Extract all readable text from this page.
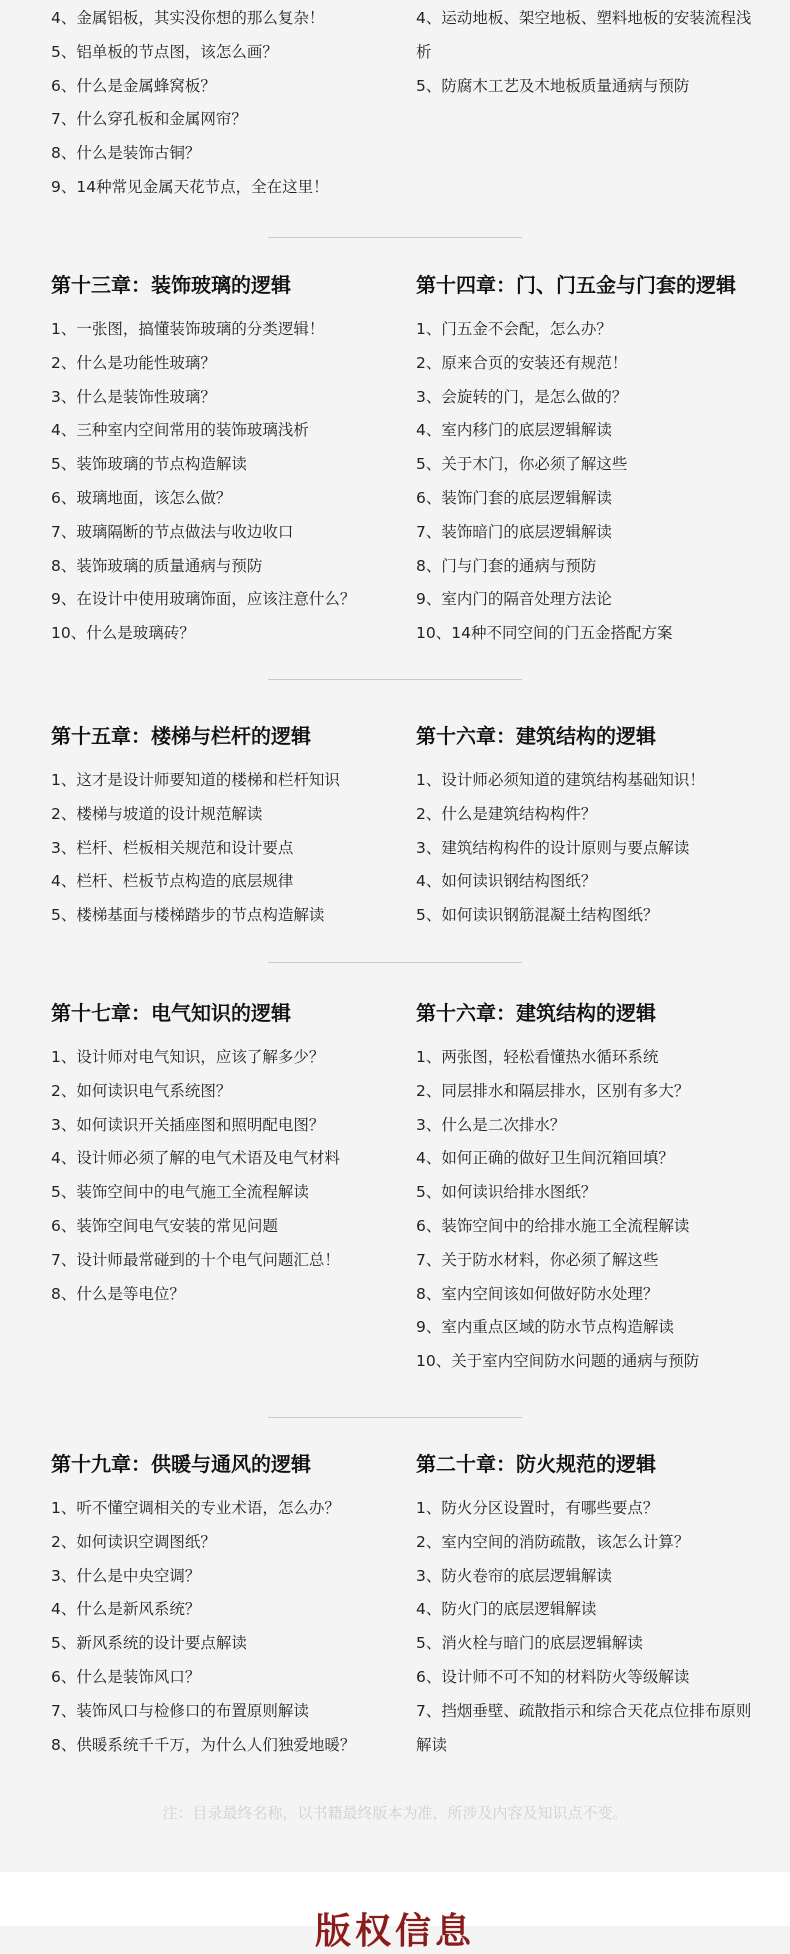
4、金属铝板，其实没你想的那么复杂！
5、铝单板的节点图，该怎么画？
6、什么是金属蜂窝板？
7、什么穿孔板和金属网帘？
8、什么是装饰古铜？
9、14种常见金属天花节点，全在这里！
4、运动地板、架空地板、塑料地板的安装流程浅析
5、防腐木工艺及木地板质量通病与预防
第十三章：装饰玻璃的逻辑
1、一张图，搞懂装饰玻璃的分类逻辑！
2、什么是功能性玻璃？
3、什么是装饰性玻璃？
4、三种室内空间常用的装饰玻璃浅析
5、装饰玻璃的节点构造解读
6、玻璃地面，该怎么做？
7、玻璃隔断的节点做法与收边收口
8、装饰玻璃的质量通病与预防
9、在设计中使用玻璃饰面，应该注意什么？
10、什么是玻璃砖？
第十四章：门、门五金与门套的逻辑
1、门五金不会配，怎么办？
2、原来合页的安装还有规范！
3、会旋转的门，是怎么做的？
4、室内移门的底层逻辑解读
5、关于木门，你必须了解这些
6、装饰门套的底层逻辑解读
7、装饰暗门的底层逻辑解读
8、门与门套的通病与预防
9、室内门的隔音处理方法论
10、14种不同空间的门五金搭配方案
第十五章：楼梯与栏杆的逻辑
1、这才是设计师要知道的楼梯和栏杆知识
2、楼梯与坡道的设计规范解读
3、栏杆、栏板相关规范和设计要点
4、栏杆、栏板节点构造的底层规律
5、楼梯基面与楼梯踏步的节点构造解读
第十六章：建筑结构的逻辑
1、设计师必须知道的建筑结构基础知识！
2、什么是建筑结构构件？
3、建筑结构构件的设计原则与要点解读
4、如何读识钢结构图纸？
5、如何读识钢筋混凝土结构图纸？
第十七章：电气知识的逻辑
1、设计师对电气知识，应该了解多少？
2、如何读识电气系统图？
3、如何读识开关插座图和照明配电图？
4、设计师必须了解的电气术语及电气材料
5、装饰空间中的电气施工全流程解读
6、装饰空间电气安装的常见问题
7、设计师最常碰到的十个电气问题汇总！
8、什么是等电位？
第十六章：建筑结构的逻辑
1、两张图，轻松看懂热水循环系统
2、同层排水和隔层排水，区别有多大？
3、什么是二次排水？
4、如何正确的做好卫生间沉箱回填？
5、如何读识给排水图纸？
6、装饰空间中的给排水施工全流程解读
7、关于防水材料，你必须了解这些
8、室内空间该如何做好防水处理？
9、室内重点区域的防水节点构造解读
10、关于室内空间防水问题的通病与预防
第十九章：供暖与通风的逻辑
1、听不懂空调相关的专业术语，怎么办？
2、如何读识空调图纸？
3、什么是中央空调？
4、什么是新风系统？
5、新风系统的设计要点解读
6、什么是装饰风口？
7、装饰风口与检修口的布置原则解读
8、供暖系统千千万，为什么人们独爱地暖？
第二十章：防火规范的逻辑
1、防火分区设置时，有哪些要点？
2、室内空间的消防疏散，该怎么计算？
3、防火卷帘的底层逻辑解读
4、防火门的底层逻辑解读
5、消火栓与暗门的底层逻辑解读
6、设计师不可不知的材料防火等级解读
7、挡烟垂壁、疏散指示和综合天花点位排布原则解读
注：目录最终名称，以书籍最终版本为准，所涉及内容及知识点不变。
版权信息
